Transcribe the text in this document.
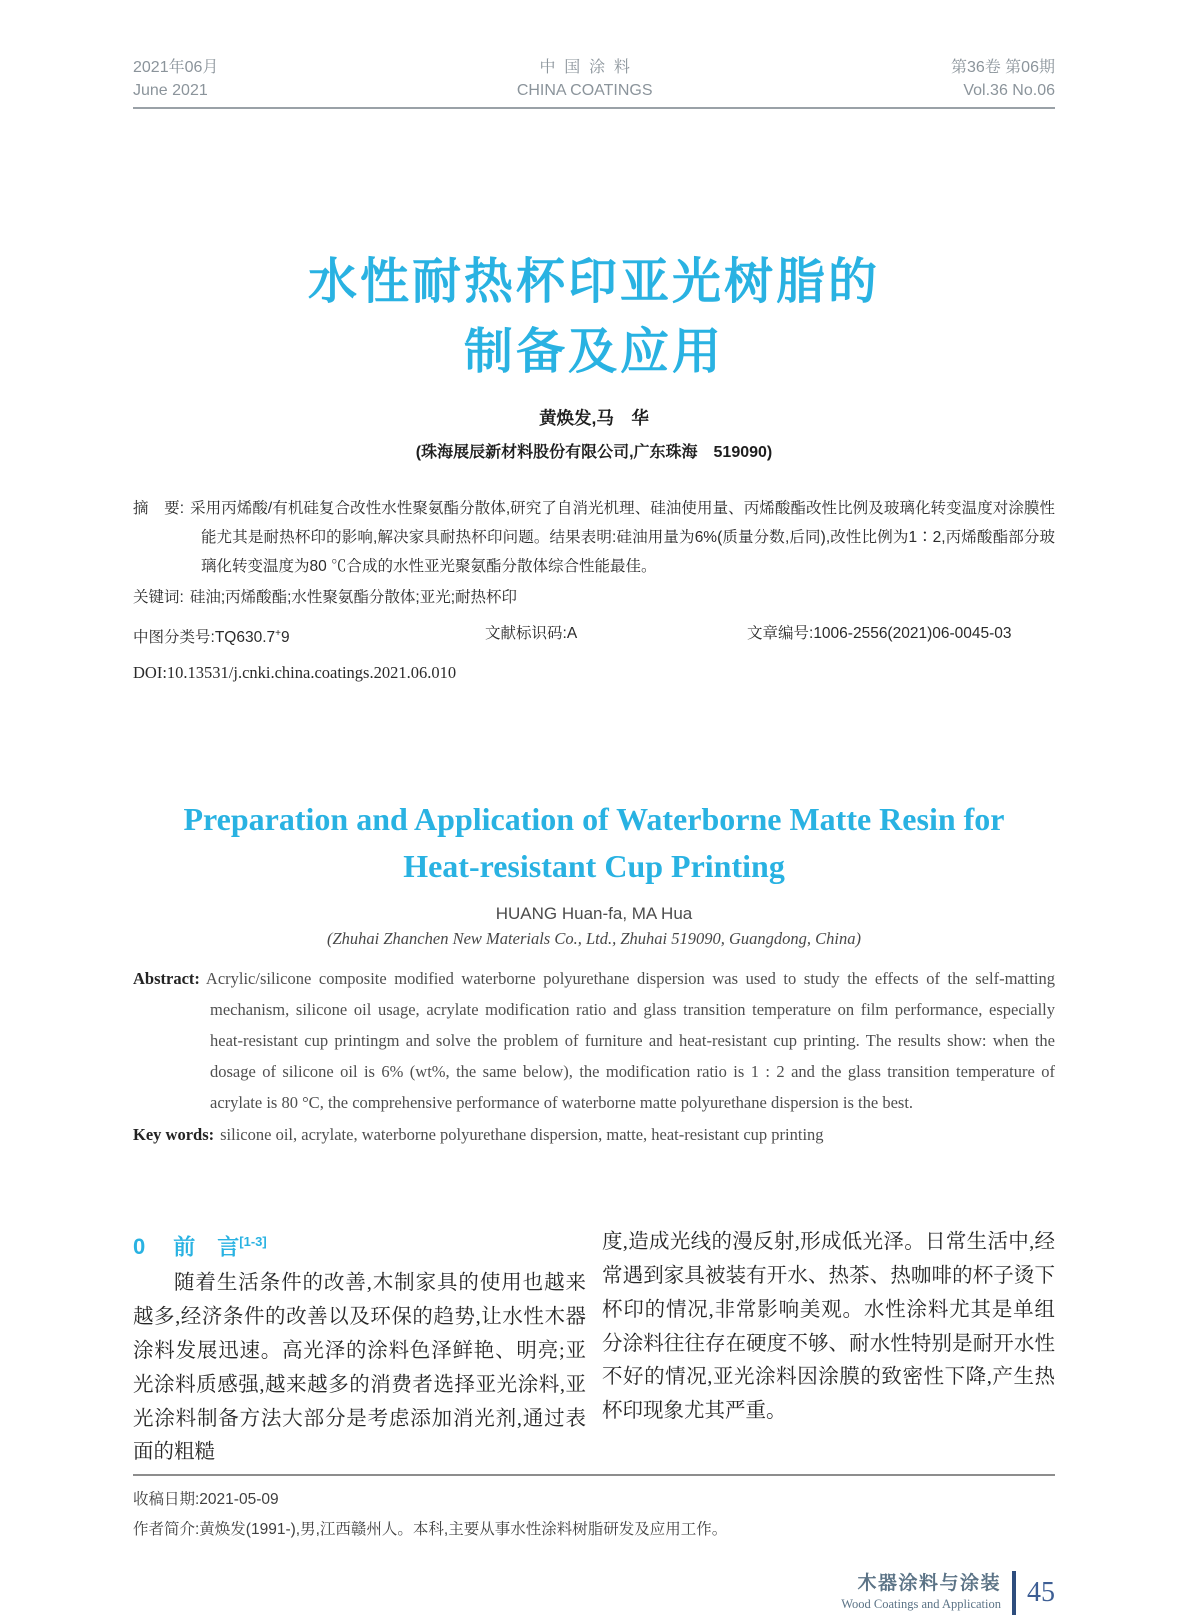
2021年06月
June 2021
中国涂料
CHINA COATINGS
第36卷 第06期
Vol.36 No.06
水性耐热杯印亚光树脂的
制备及应用
黄焕发,马　华
(珠海展辰新材料股份有限公司,广东珠海　519090)

摘　要: 采用丙烯酸/有机硅复合改性水性聚氨酯分散体,研究了自消光机理、硅油使用量、丙烯酸酯改性比例及玻璃化转变温度对涂膜性能尤其是耐热杯印的影响,解决家具耐热杯印问题。结果表明:硅油用量为6%(质量分数,后同),改性比例为1∶2,丙烯酸酯部分玻璃化转变温度为80 ℃合成的水性亚光聚氨酯分散体综合性能最佳。

关键词: 硅油;丙烯酸酯;水性聚氨酯分散体;亚光;耐热杯印

中图分类号:TQ630.7+9	文献标识码:A	文章编号:1006-2556(2021)06-0045-03
DOI:10.13531/j.cnki.china.coatings.2021.06.010
Preparation and Application of Waterborne Matte Resin for
Heat-resistant Cup Printing
HUANG Huan-fa, MA Hua
(Zhuhai Zhanchen New Materials Co., Ltd., Zhuhai 519090, Guangdong, China)

Abstract: Acrylic/silicone composite modified waterborne polyurethane dispersion was used to study the effects of the self-matting mechanism, silicone oil usage, acrylate modification ratio and glass transition temperature on film performance, especially heat-resistant cup printingm and solve the problem of furniture and heat-resistant cup printing. The results show: when the dosage of silicone oil is 6% (wt%, the same below), the modification ratio is 1 : 2 and the glass transition temperature of acrylate is 80 °C, the comprehensive performance of waterborne matte polyurethane dispersion is the best.

Key words: silicone oil, acrylate, waterborne polyurethane dispersion, matte, heat-resistant cup printing

0 前　言[1-3]

随着生活条件的改善,木制家具的使用也越来越多,经济条件的改善以及环保的趋势,让水性木器涂料发展迅速。高光泽的涂料色泽鲜艳、明亮;亚光涂料质感强,越来越多的消费者选择亚光涂料,亚光涂料制备方法大部分是考虑添加消光剂,通过表面的粗糙

度,造成光线的漫反射,形成低光泽。日常生活中,经常遇到家具被装有开水、热茶、热咖啡的杯子烫下杯印的情况,非常影响美观。水性涂料尤其是单组分涂料往往存在硬度不够、耐水性特别是耐开水性不好的情况,亚光涂料因涂膜的致密性下降,产生热杯印现象尤其严重。

收稿日期:2021-05-09
作者简介:黄焕发(1991-),男,江西赣州人。本科,主要从事水性涂料树脂研发及应用工作。
木器涂料与涂装
Wood Coatings and Application 45
